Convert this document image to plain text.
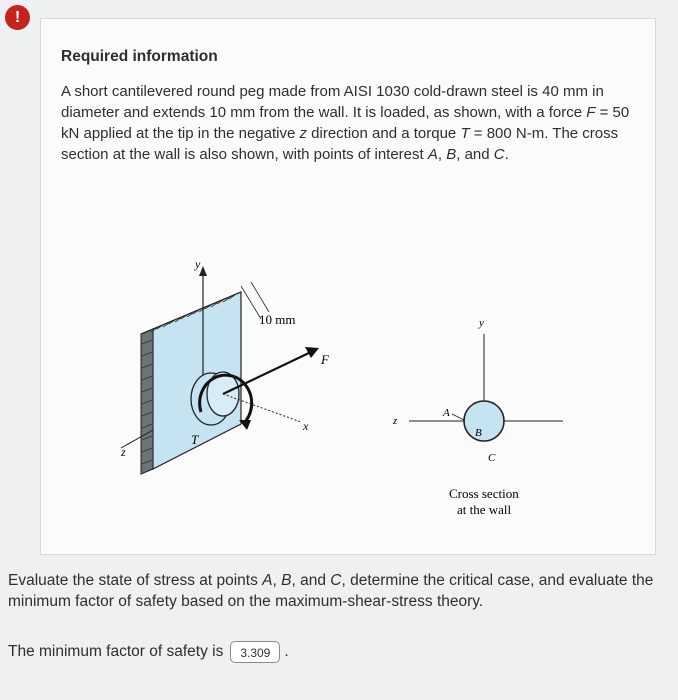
!
Required information
A short cantilevered round peg made from AISI 1030 cold-drawn steel is 40 mm in diameter and extends 10 mm from the wall. It is loaded, as shown, with a force F = 50 kN applied at the tip in the negative z direction and a torque T = 800 N-m. The cross section at the wall is also shown, with points of interest A, B, and C.
y
10 mm
T
F
x
z
y
z
A
B
C
Cross section
at the wall
Evaluate the state of stress at points A, B, and C, determine the critical case, and evaluate the minimum factor of safety based on the maximum-shear-stress theory.
The minimum factor of safety is	3.309 .
